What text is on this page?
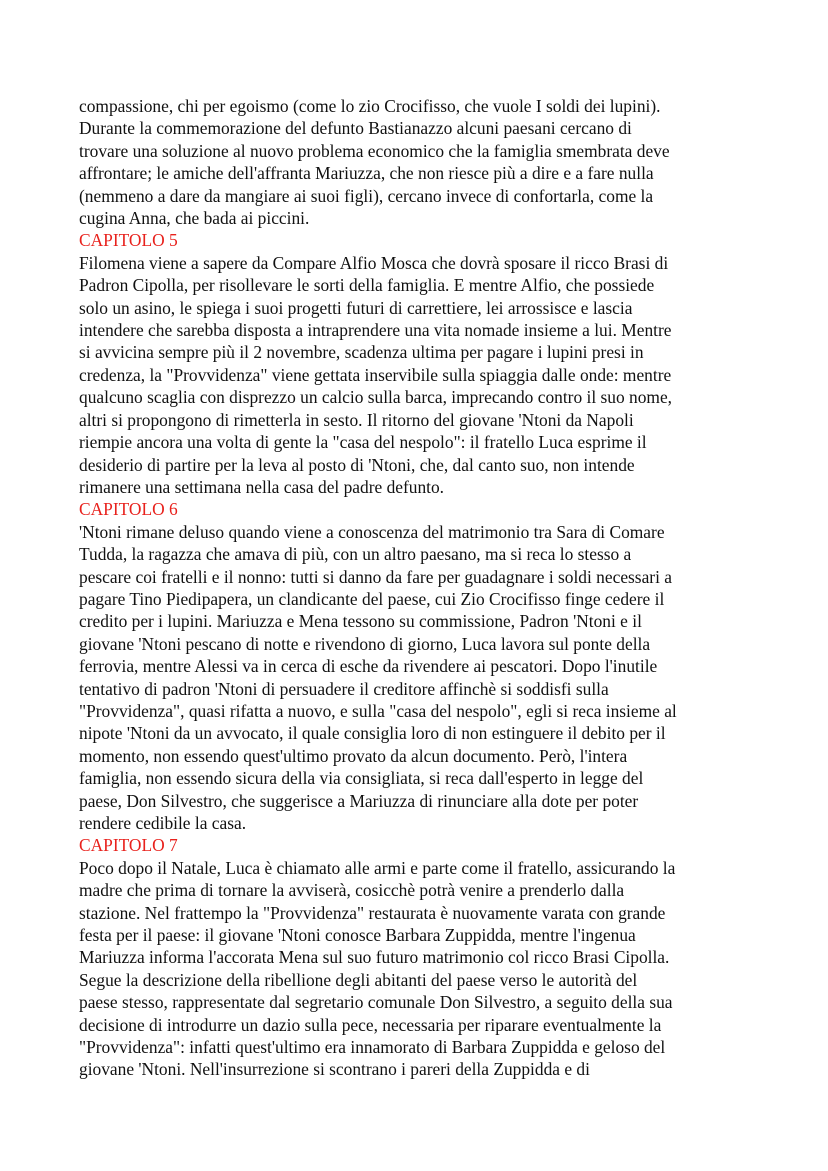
compassione, chi per egoismo (come lo zio Crocifisso, che vuole I soldi dei lupini).
Durante la commemorazione del defunto Bastianazzo alcuni paesani cercano di
trovare una soluzione al nuovo problema economico che la famiglia smembrata deve
affrontare; le amiche dell'affranta Mariuzza, che non riesce più a dire e a fare nulla
(nemmeno a dare da mangiare ai suoi figli), cercano invece di confortarla, come la
cugina Anna, che bada ai piccini.
CAPITOLO 5
Filomena viene a sapere da Compare Alfio Mosca che dovrà sposare il ricco Brasi di
Padron Cipolla, per risollevare le sorti della famiglia. E mentre Alfio, che possiede
solo un asino, le spiega i suoi progetti futuri di carrettiere, lei arrossisce e lascia
intendere che sarebba disposta a intraprendere una vita nomade insieme a lui. Mentre
si avvicina sempre più il 2 novembre, scadenza ultima per pagare i lupini presi in
credenza, la "Provvidenza" viene gettata inservibile sulla spiaggia dalle onde: mentre
qualcuno scaglia con disprezzo un calcio sulla barca, imprecando contro il suo nome,
altri si propongono di rimetterla in sesto. Il ritorno del giovane 'Ntoni da Napoli
riempie ancora una volta di gente la "casa del nespolo": il fratello Luca esprime il
desiderio di partire per la leva al posto di 'Ntoni, che, dal canto suo, non intende
rimanere una settimana nella casa del padre defunto.
CAPITOLO 6
'Ntoni rimane deluso quando viene a conoscenza del matrimonio tra Sara di Comare
Tudda, la ragazza che amava di più, con un altro paesano, ma si reca lo stesso a
pescare coi fratelli e il nonno: tutti si danno da fare per guadagnare i soldi necessari a
pagare Tino Piedipapera, un clandicante del paese, cui Zio Crocifisso finge cedere il
credito per i lupini. Mariuzza e Mena tessono su commissione, Padron 'Ntoni e il
giovane 'Ntoni pescano di notte e rivendono di giorno, Luca lavora sul ponte della
ferrovia, mentre Alessi va in cerca di esche da rivendere ai pescatori. Dopo l'inutile
tentativo di padron 'Ntoni di persuadere il creditore affinchè si soddisfi sulla
"Provvidenza", quasi rifatta a nuovo, e sulla "casa del nespolo", egli si reca insieme al
nipote 'Ntoni da un avvocato, il quale consiglia loro di non estinguere il debito per il
momento, non essendo quest'ultimo provato da alcun documento. Però, l'intera
famiglia, non essendo sicura della via consigliata, si reca dall'esperto in legge del
paese, Don Silvestro, che suggerisce a Mariuzza di rinunciare alla dote per poter
rendere cedibile la casa.
CAPITOLO 7
Poco dopo il Natale, Luca è chiamato alle armi e parte come il fratello, assicurando la
madre che prima di tornare la avviserà, cosicchè potrà venire a prenderlo dalla
stazione. Nel frattempo la "Provvidenza" restaurata è nuovamente varata con grande
festa per il paese: il giovane 'Ntoni conosce Barbara Zuppidda, mentre l'ingenua
Mariuzza informa l'accorata Mena sul suo futuro matrimonio col ricco Brasi Cipolla.
Segue la descrizione della ribellione degli abitanti del paese verso le autorità del
paese stesso, rappresentate dal segretario comunale Don Silvestro, a seguito della sua
decisione di introdurre un dazio sulla pece, necessaria per riparare eventualmente la
"Provvidenza": infatti quest'ultimo era innamorato di Barbara Zuppidda e geloso del
giovane 'Ntoni. Nell'insurrezione si scontrano i pareri della Zuppidda e di
